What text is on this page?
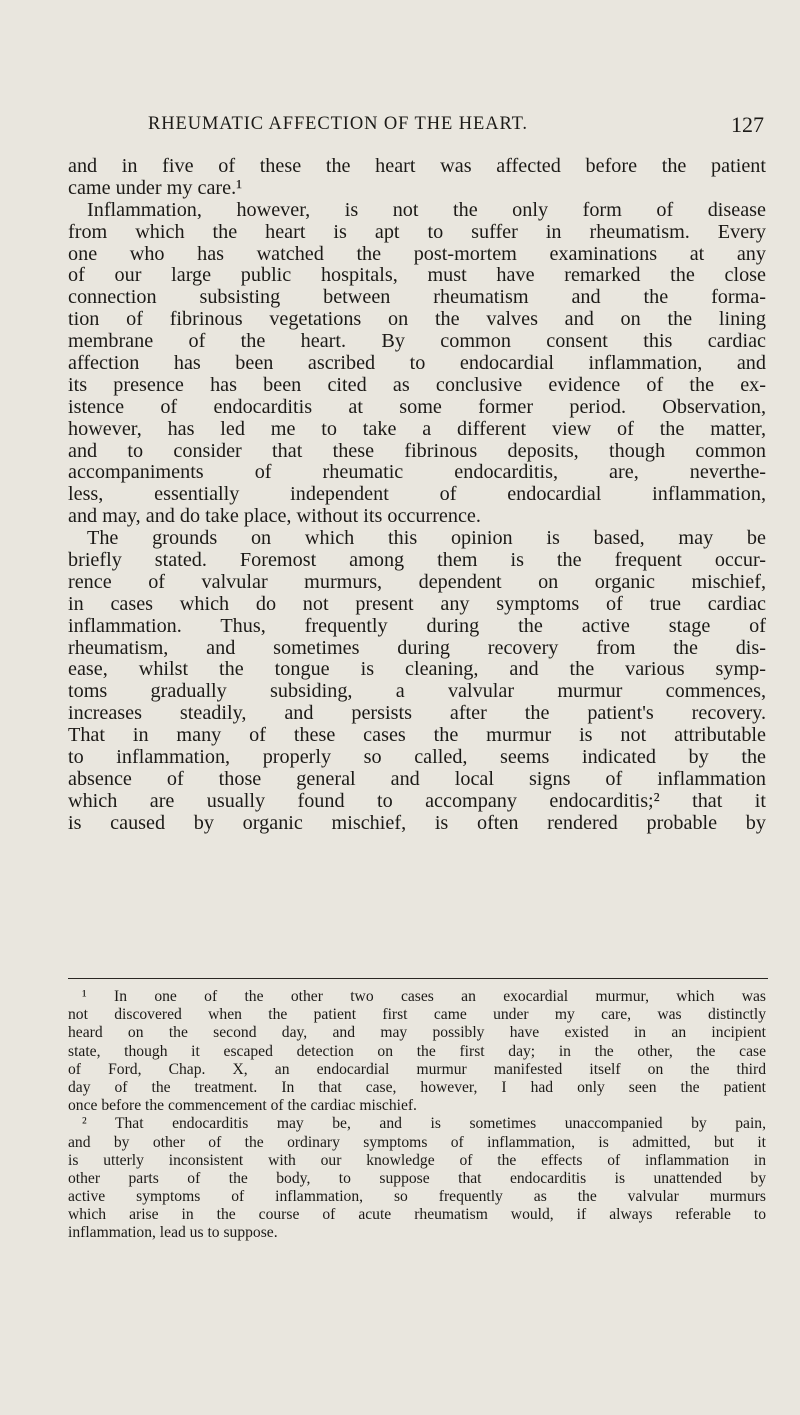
RHEUMATIC AFFECTION OF THE HEART.	127
and in five of these the heart was affected before the patient
came under my care.¹
Inflammation, however, is not the only form of disease
from which the heart is apt to suffer in rheumatism. Every
one who has watched the post-mortem examinations at any
of our large public hospitals, must have remarked the close
connection subsisting between rheumatism and the forma-
tion of fibrinous vegetations on the valves and on the lining
membrane of the heart. By common consent this cardiac
affection has been ascribed to endocardial inflammation, and
its presence has been cited as conclusive evidence of the ex-
istence of endocarditis at some former period. Observation,
however, has led me to take a different view of the matter,
and to consider that these fibrinous deposits, though common
accompaniments of rheumatic endocarditis, are, neverthe-
less, essentially independent of endocardial inflammation,
and may, and do take place, without its occurrence.
The grounds on which this opinion is based, may be
briefly stated. Foremost among them is the frequent occur-
rence of valvular murmurs, dependent on organic mischief,
in cases which do not present any symptoms of true cardiac
inflammation. Thus, frequently during the active stage of
rheumatism, and sometimes during recovery from the dis-
ease, whilst the tongue is cleaning, and the various symp-
toms gradually subsiding, a valvular murmur commences,
increases steadily, and persists after the patient's recovery.
That in many of these cases the murmur is not attributable
to inflammation, properly so called, seems indicated by the
absence of those general and local signs of inflammation
which are usually found to accompany endocarditis;² that it
is caused by organic mischief, is often rendered probable by
¹ In one of the other two cases an exocardial murmur, which was
not discovered when the patient first came under my care, was distinctly
heard on the second day, and may possibly have existed in an incipient
state, though it escaped detection on the first day; in the other, the case
of Ford, Chap. X, an endocardial murmur manifested itself on the third
day of the treatment. In that case, however, I had only seen the patient
once before the commencement of the cardiac mischief.
² That endocarditis may be, and is sometimes unaccompanied by pain,
and by other of the ordinary symptoms of inflammation, is admitted, but it
is utterly inconsistent with our knowledge of the effects of inflammation in
other parts of the body, to suppose that endocarditis is unattended by
active symptoms of inflammation, so frequently as the valvular murmurs
which arise in the course of acute rheumatism would, if always referable to
inflammation, lead us to suppose.
